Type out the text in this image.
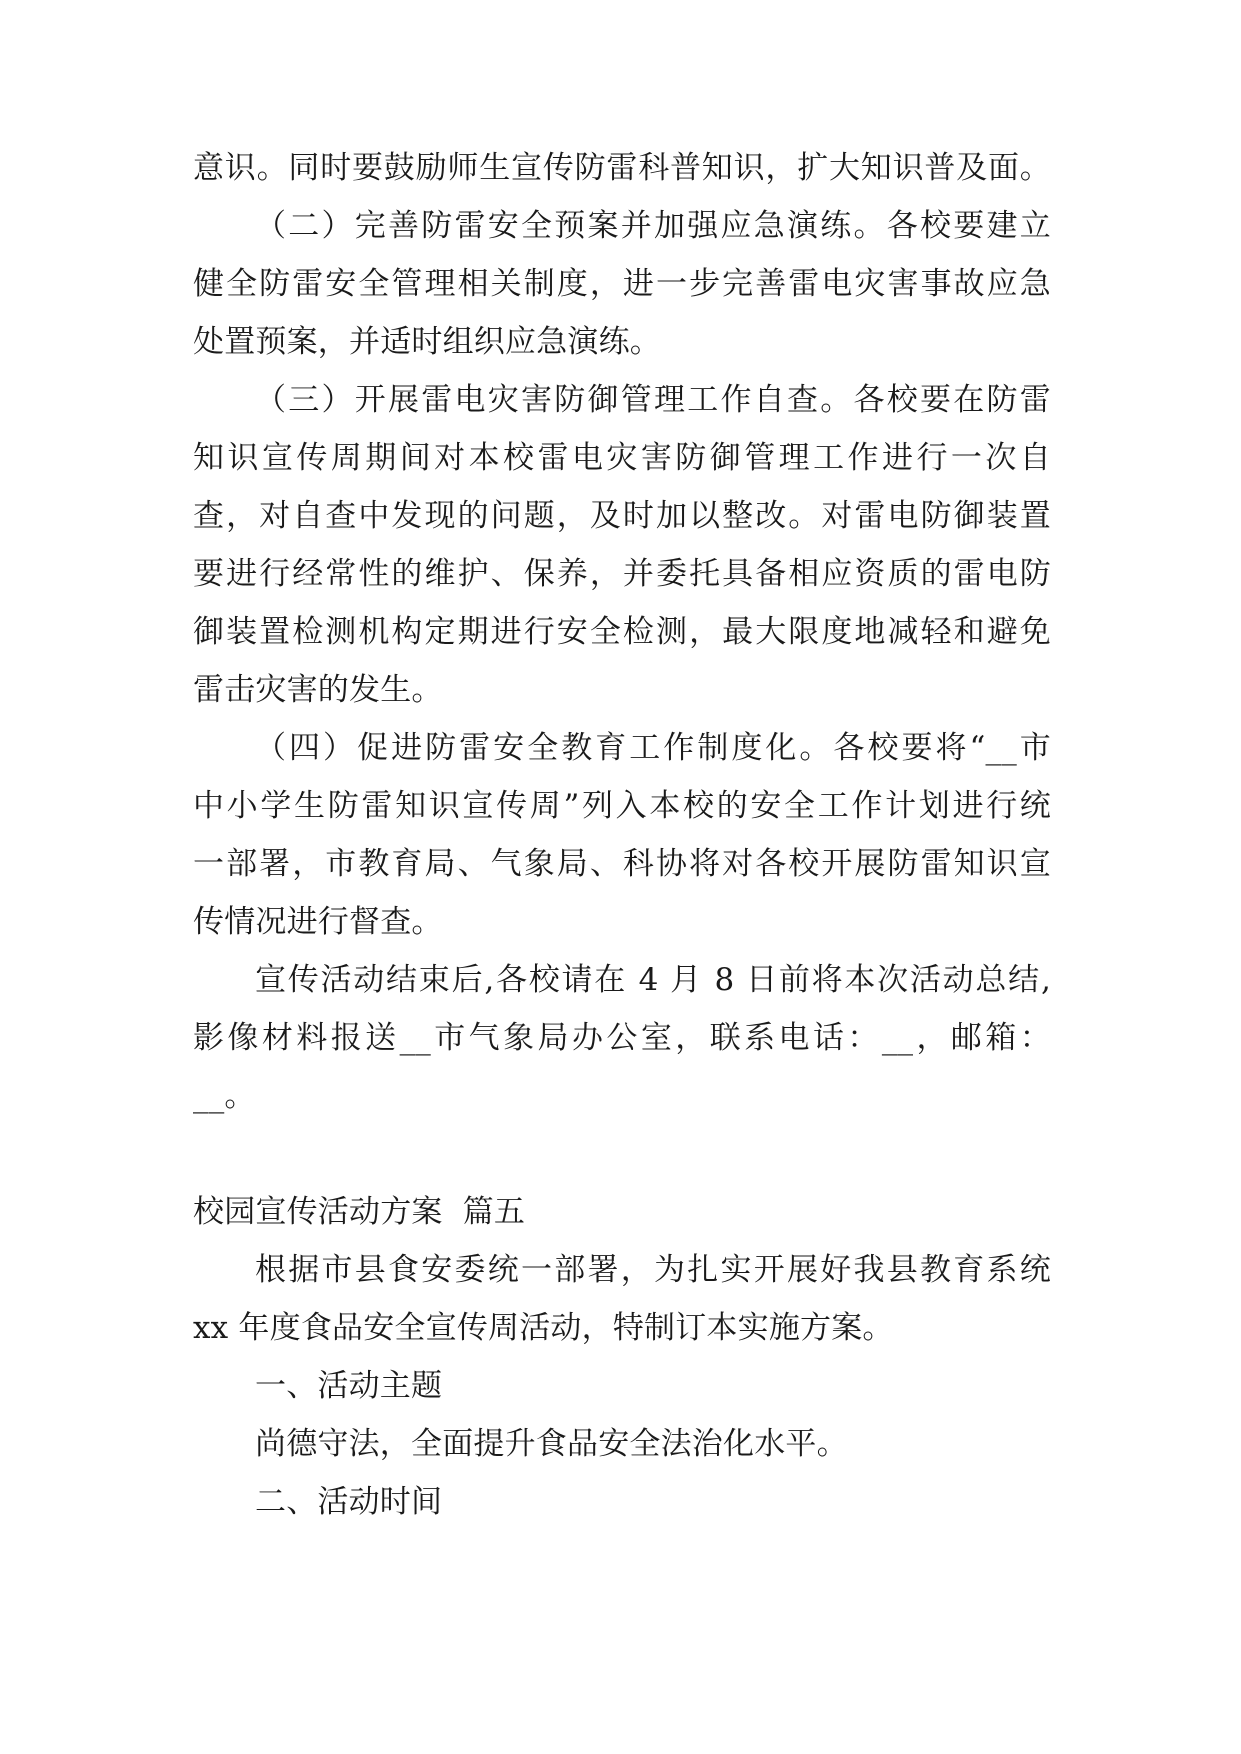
意识。同时要鼓励师生宣传防雷科普知识，扩大知识普及面。
（二）完善防雷安全预案并加强应急演练。各校要建立
健全防雷安全管理相关制度，进一步完善雷电灾害事故应急
处置预案，并适时组织应急演练。
（三）开展雷电灾害防御管理工作自查。各校要在防雷
知识宣传周期间对本校雷电灾害防御管理工作进行一次自
查，对自查中发现的问题，及时加以整改。对雷电防御装置
要进行经常性的维护、保养，并委托具备相应资质的雷电防
御装置检测机构定期进行安全检测，最大限度地减轻和避免
雷击灾害的发生。
（四）促进防雷安全教育工作制度化。各校要将“__市
中小学生防雷知识宣传周”列入本校的安全工作计划进行统
一部署，市教育局、气象局、科协将对各校开展防雷知识宣
传情况进行督查。
宣传活动结束后,各校请在 4 月 8 日前将本次活动总结,
影像材料报送__市气象局办公室，联系电话：__，邮箱：
__。
校园宣传活动方案  篇五
根据市县食安委统一部署，为扎实开展好我县教育系统
xx 年度食品安全宣传周活动，特制订本实施方案。
一、活动主题
尚德守法，全面提升食品安全法治化水平。
二、活动时间
